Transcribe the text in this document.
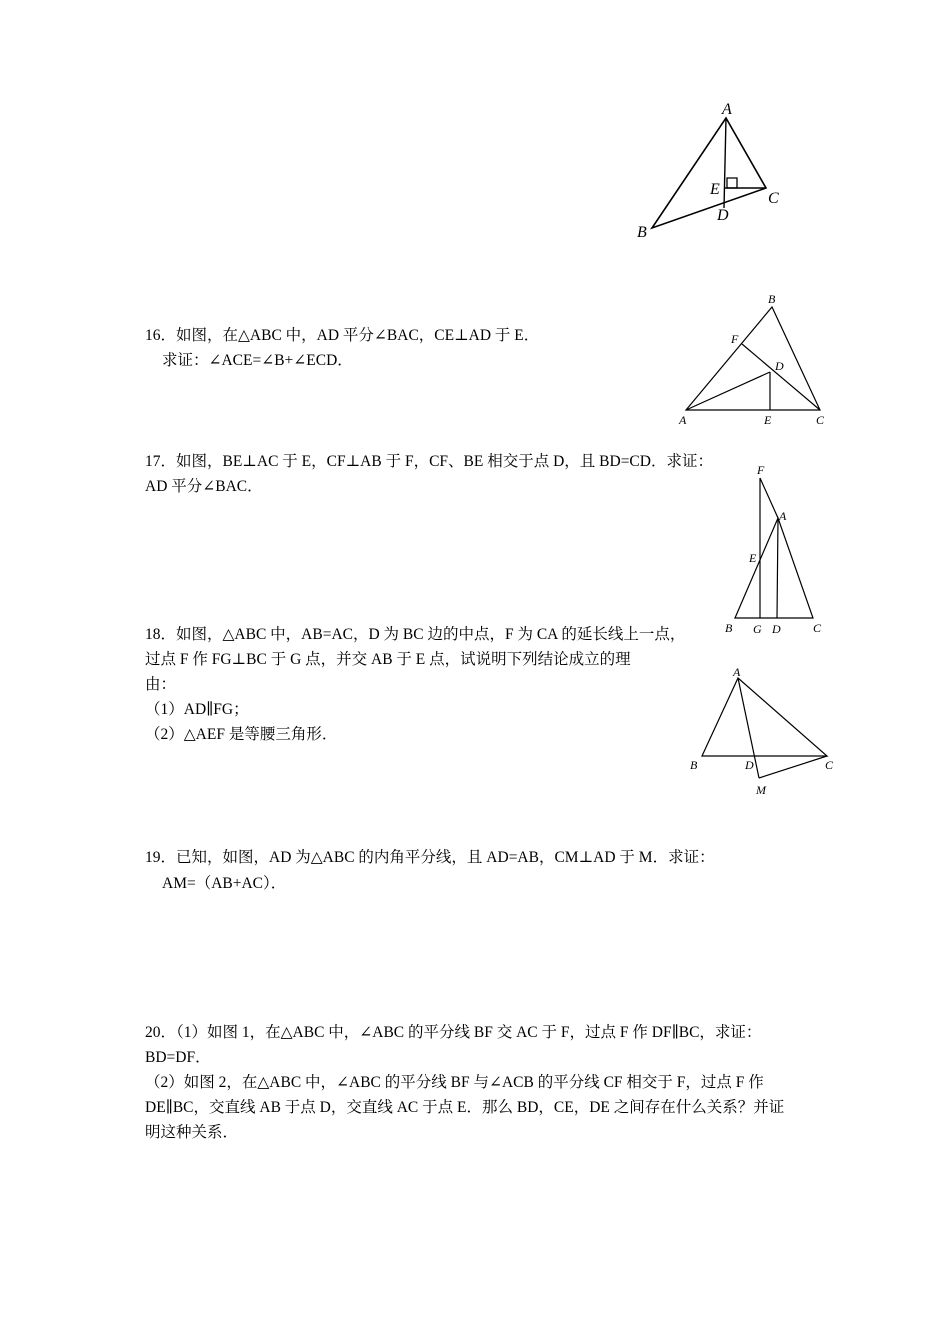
A
B
C
D
E
16．如图，在△ABC 中，AD 平分∠BAC，CE⊥AD 于 E．
求证：∠ACE=∠B+∠ECD．
A
B
C
D
E
F
17．如图，BE⊥AC 于 E，CF⊥AB 于 F，CF、BE 相交于点 D，且 BD=CD．求证：
AD 平分∠BAC．
F
A
E
B G D	C
18．如图，△ABC 中，AB=AC，D 为 BC 边的中点，F 为 CA 的延长线上一点，
过点 F 作 FG⊥BC 于 G 点，并交 AB 于 E 点，试说明下列结论成立的理
由：
（1）AD∥FG；
（2）△AEF 是等腰三角形．
A
B	D	C
M
19．已知，如图，AD 为△ABC 的内角平分线，且 AD=AB，CM⊥AD 于 M．求证：
AM=（AB+AC）．
20．（1）如图 1，在△ABC 中，∠ABC 的平分线 BF 交 AC 于 F，过点 F 作 DF∥BC，求证：
BD=DF．
（2）如图 2，在△ABC 中，∠ABC 的平分线 BF 与∠ACB 的平分线 CF 相交于 F，过点 F 作
DE∥BC，交直线 AB 于点 D，交直线 AC 于点 E．那么 BD，CE，DE 之间存在什么关系？并证
明这种关系．
